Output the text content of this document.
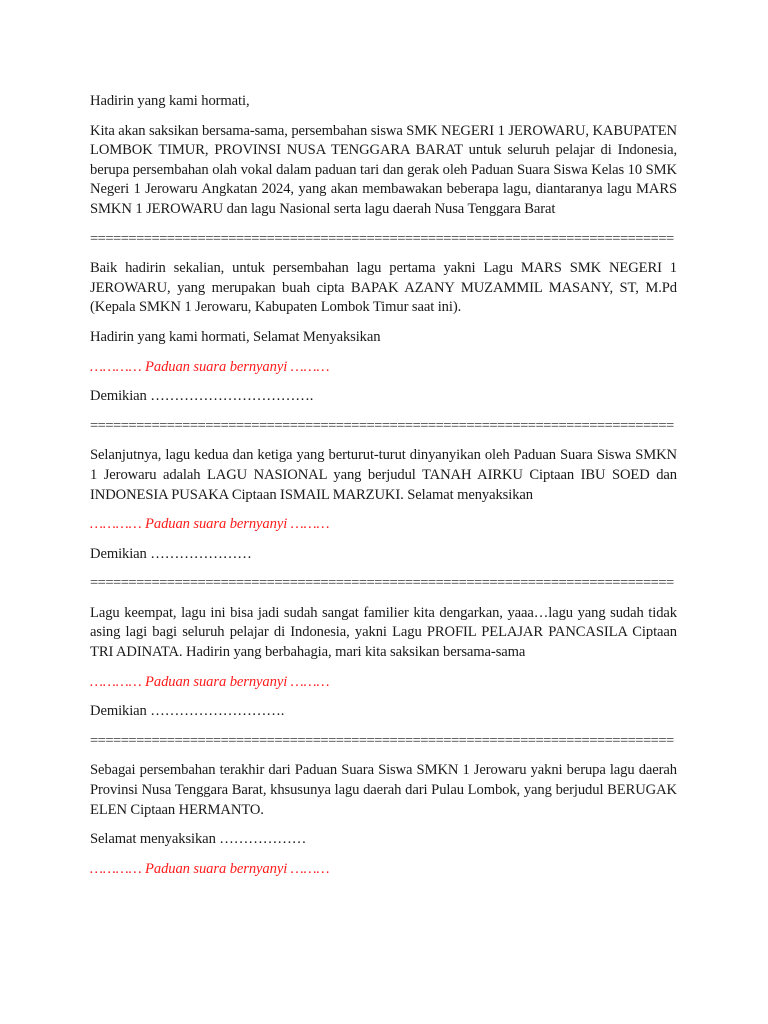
Hadirin yang kami hormati,

Kita akan saksikan bersama-sama, persembahan siswa SMK NEGERI 1 JEROWARU, KABUPATEN LOMBOK TIMUR, PROVINSI NUSA TENGGARA BARAT untuk seluruh pelajar di Indonesia, berupa persembahan olah vokal dalam paduan tari dan gerak oleh Paduan Suara Siswa Kelas 10 SMK Negeri 1 Jerowaru Angkatan 2024, yang akan membawakan beberapa lagu, diantaranya lagu MARS SMKN 1 JEROWARU dan lagu Nasional serta lagu daerah Nusa Tenggara Barat

============================================================================

Baik hadirin sekalian, untuk persembahan lagu pertama yakni Lagu MARS SMK NEGERI 1 JEROWARU, yang merupakan buah cipta BAPAK AZANY MUZAMMIL MASANY, ST, M.Pd (Kepala SMKN 1 Jerowaru, Kabupaten Lombok Timur saat ini).

Hadirin yang kami hormati, Selamat Menyaksikan

………… Paduan suara bernyanyi ………

Demikian …………………………….

============================================================================

Selanjutnya, lagu kedua dan ketiga yang berturut-turut dinyanyikan oleh Paduan Suara Siswa SMKN 1 Jerowaru adalah LAGU NASIONAL yang berjudul TANAH AIRKU Ciptaan IBU SOED dan INDONESIA PUSAKA Ciptaan ISMAIL MARZUKI. Selamat menyaksikan

………… Paduan suara bernyanyi ………

Demikian …………………

============================================================================

Lagu keempat, lagu ini bisa jadi sudah sangat familier kita dengarkan, yaaa…lagu yang sudah tidak asing lagi bagi seluruh pelajar di Indonesia, yakni Lagu PROFIL PELAJAR PANCASILA Ciptaan TRI ADINATA. Hadirin yang berbahagia, mari kita saksikan bersama-sama

………… Paduan suara bernyanyi ………

Demikian ……………………….

============================================================================

Sebagai persembahan terakhir dari Paduan Suara Siswa SMKN 1 Jerowaru yakni berupa lagu daerah Provinsi Nusa Tenggara Barat, khsusunya lagu daerah dari Pulau Lombok, yang berjudul BERUGAK ELEN Ciptaan HERMANTO.

Selamat menyaksikan ………………

………… Paduan suara bernyanyi ………
